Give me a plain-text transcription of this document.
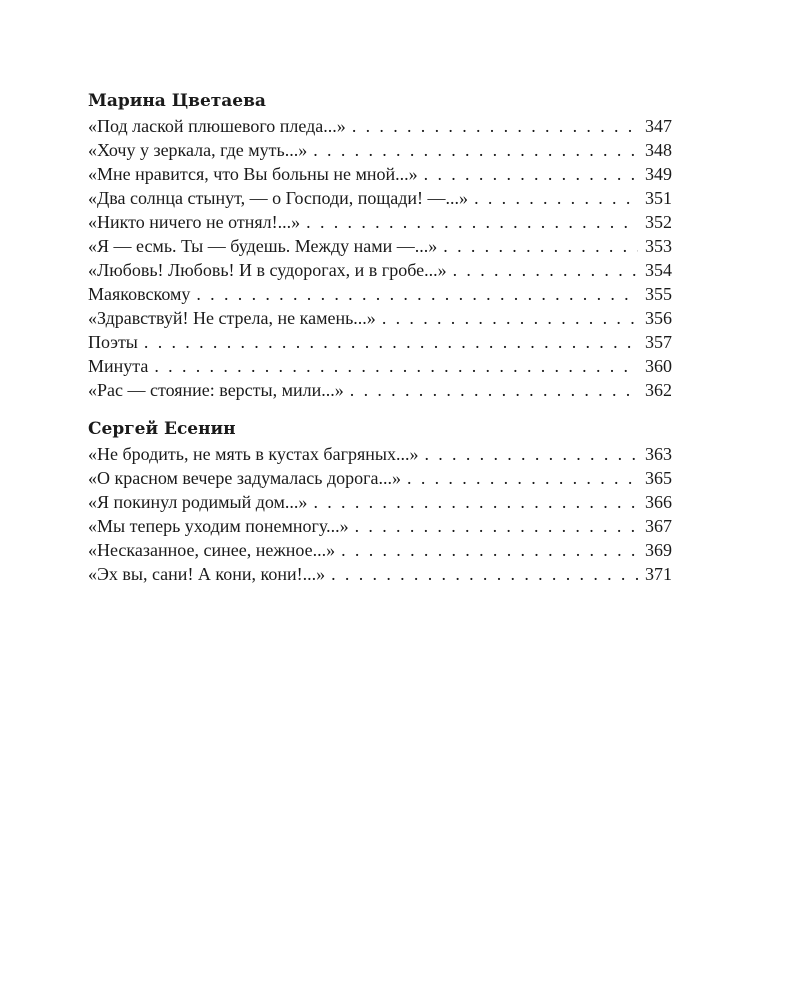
Марина Цветаева
«Под лаской плюшевого пледа...» . . .	347
«Хочу у зеркала, где муть...» . . .	348
«Мне нравится, что Вы больны не мной...» . . .	349
«Два солнца стынут, — о Господи, пощади! —...» . . .	351
«Никто ничего не отнял!...» . . .	352
«Я — есмь. Ты — будешь. Между нами —...» . . .	353
«Любовь! Любовь! И в судорогах, и в гробе...» . . .	354
Маяковскому . . .	355
«Здравствуй! Не стрела, не камень...» . . .	356
Поэты . . .	357
Минута . . .	360
«Рас — стояние: версты, мили...» . . .	362
Сергей Есенин
«Не бродить, не мять в кустах багряных...» . . .	363
«О красном вечере задумалась дорога...» . . .	365
«Я покинул родимый дом...» . . .	366
«Мы теперь уходим понемногу...» . . .	367
«Несказанное, синее, нежное...» . . .	369
«Эх вы, сани! А кони, кони!...» . . .	371
